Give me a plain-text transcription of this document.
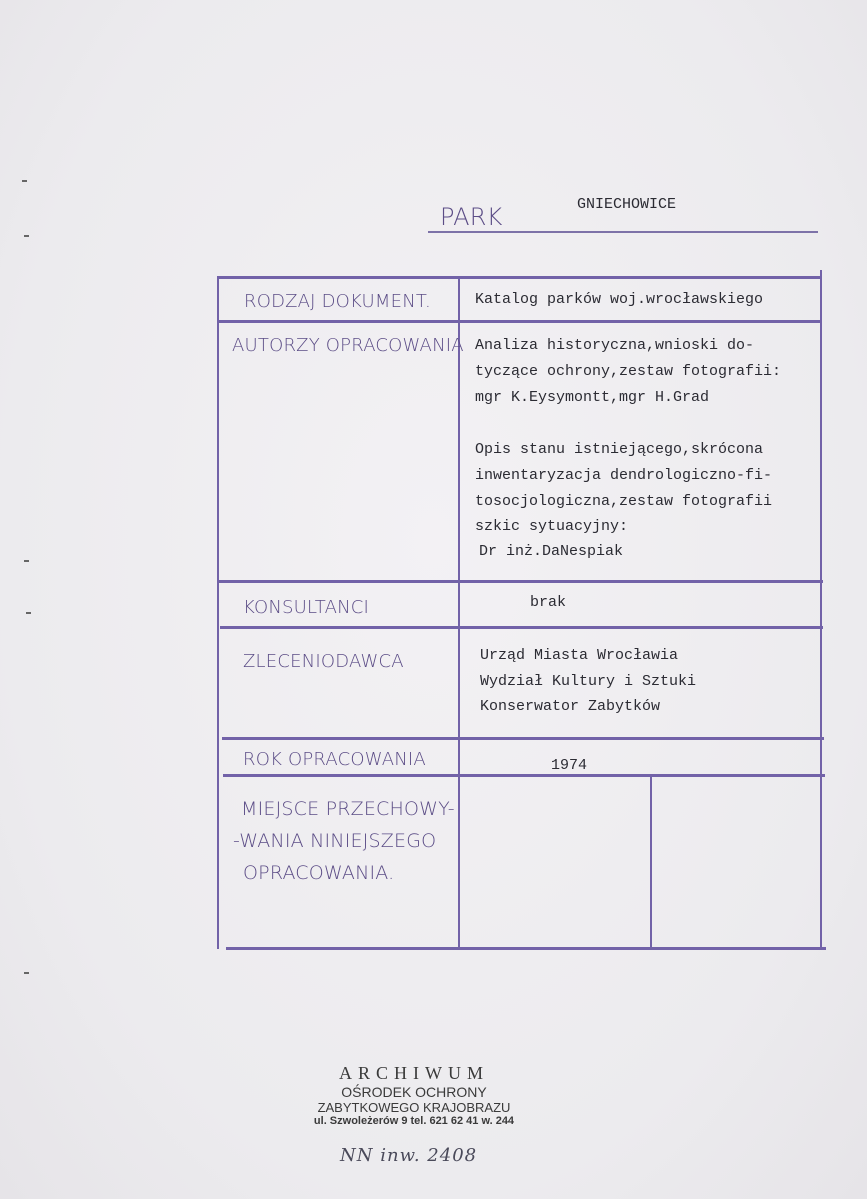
PARK	GNIECHOWICE
RODZAJ DOKUMENT.	Katalog parków woj.wrocławskiego
AUTORZY OPRACOWANIA Analiza historyczna,wnioski do-
tyczące ochrony,zestaw fotografii:
mgr K.Eysymontt,mgr H.Grad
Opis stanu istniejącego,skrócona
inwentaryzacja dendrologiczno-fi-
tosocjologiczna,zestaw fotografii
szkic sytuacyjny:
Dr inż.DaNespiak
KONSULTANCI	brak
ZLECENIODAWCA	Urząd Miasta Wrocławia
Wydział Kultury i Sztuki
Konserwator Zabytków
ROK OPRACOWANIA	1974
MIEJSCE PRZECHOWY-
-WANIA NINIEJSZEGO
OPRACOWANIA.
ARCHIWUM
OŚRODEK OCHRONY
ZABYTKOWEGO KRAJOBRAZU
ul. Szwoleżerów 9 tel. 621 62 41 w. 244
NN inw. 2408
